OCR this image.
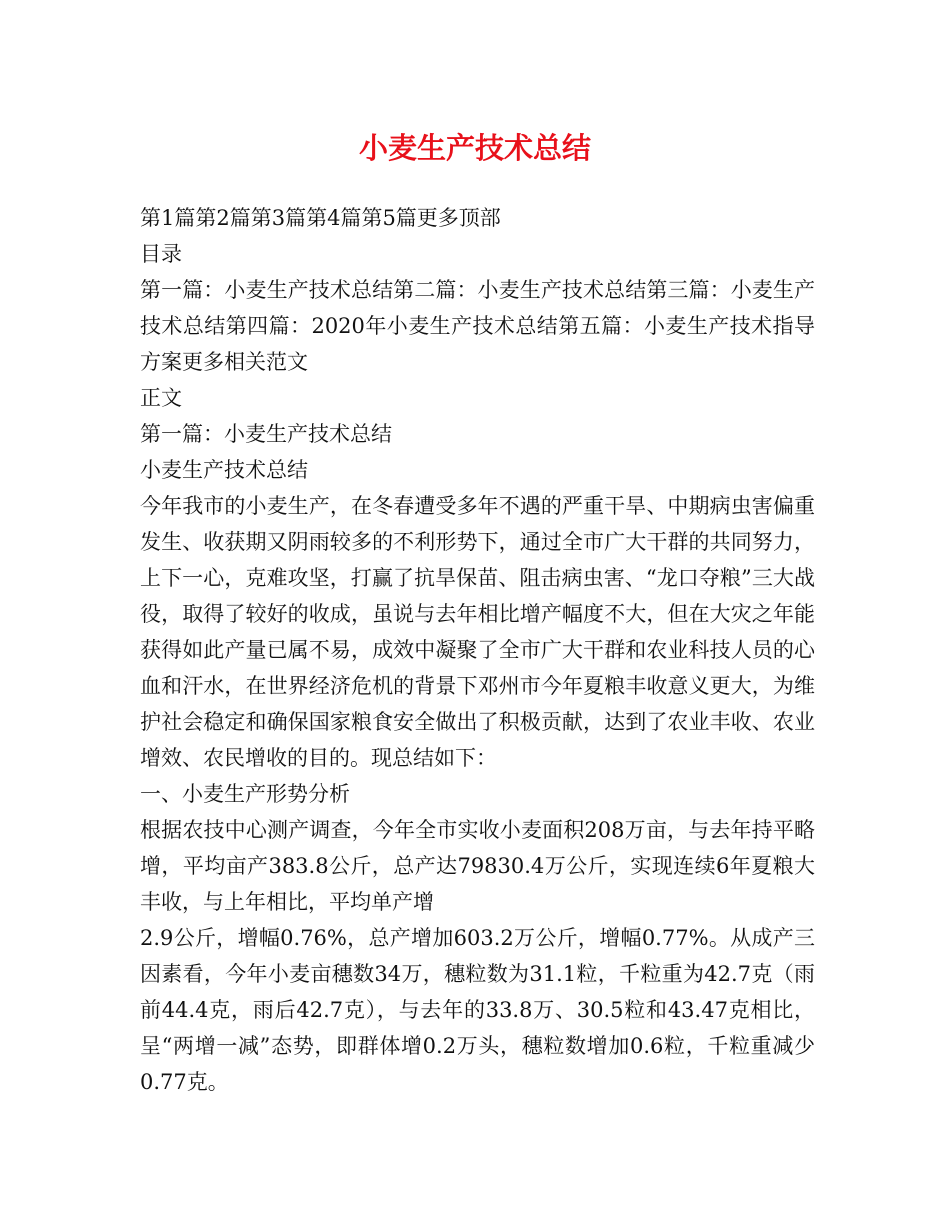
小麦生产技术总结

第1篇第2篇第3篇第4篇第5篇更多顶部

目录

第一篇：小麦生产技术总结第二篇：小麦生产技术总结第三篇：小麦生产技术总结第四篇：2020年小麦生产技术总结第五篇：小麦生产技术指导方案更多相关范文

正文

第一篇：小麦生产技术总结

小麦生产技术总结

今年我市的小麦生产，在冬春遭受多年不遇的严重干旱、中期病虫害偏重发生、收获期又阴雨较多的不利形势下，通过全市广大干群的共同努力，上下一心，克难攻坚，打赢了抗旱保苗、阻击病虫害、“龙口夺粮”三大战役，取得了较好的收成，虽说与去年相比增产幅度不大，但在大灾之年能获得如此产量已属不易，成效中凝聚了全市广大干群和农业科技人员的心血和汗水，在世界经济危机的背景下邓州市今年夏粮丰收意义更大，为维护社会稳定和确保国家粮食安全做出了积极贡献，达到了农业丰收、农业增效、农民增收的目的。现总结如下：

一、小麦生产形势分析

根据农技中心测产调查，今年全市实收小麦面积208万亩，与去年持平略增，平均亩产383.8公斤，总产达79830.4万公斤，实现连续6年夏粮大丰收，与上年相比，平均单产增

2.9公斤，增幅0.76%，总产增加603.2万公斤，增幅0.77%。从成产三因素看，今年小麦亩穗数34万，穗粒数为31.1粒，千粒重为42.7克（雨前44.4克，雨后42.7克），与去年的33.8万、30.5粒和43.47克相比，呈“两增一减”态势，即群体增0.2万头，穗粒数增加0.6粒，千粒重减少0.77克。
